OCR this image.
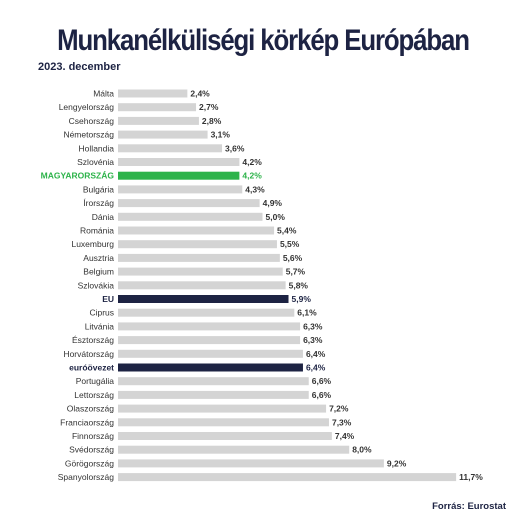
Munkanélküliségi körkép Európában
2023. december
Málta	2,4%
Lengyelország	2,7%
Csehország	2,8%
Németország	3,1%
Hollandia	3,6%
Szlovénia	4,2%
MAGYARORSZÁG	4,2%
Bulgária	4,3%
Írország	4,9%
Dánia	5,0%
Románia	5,4%
Luxemburg	5,5%
Ausztria	5,6%
Belgium	5,7%
Szlovákia	5,8%
EU	5,9%
Ciprus	6,1%
Litvánia	6,3%
Észtország	6,3%
Horvátország	6,4%
euróövezet	6,4%
Portugália	6,6%
Lettország	6,6%
Olaszország	7,2%
Franciaország	7,3%
Finnország	7,4%
Svédország	8,0%
Görögország	9,2%
Spanyolország	11,7%
Forrás: Eurostat
